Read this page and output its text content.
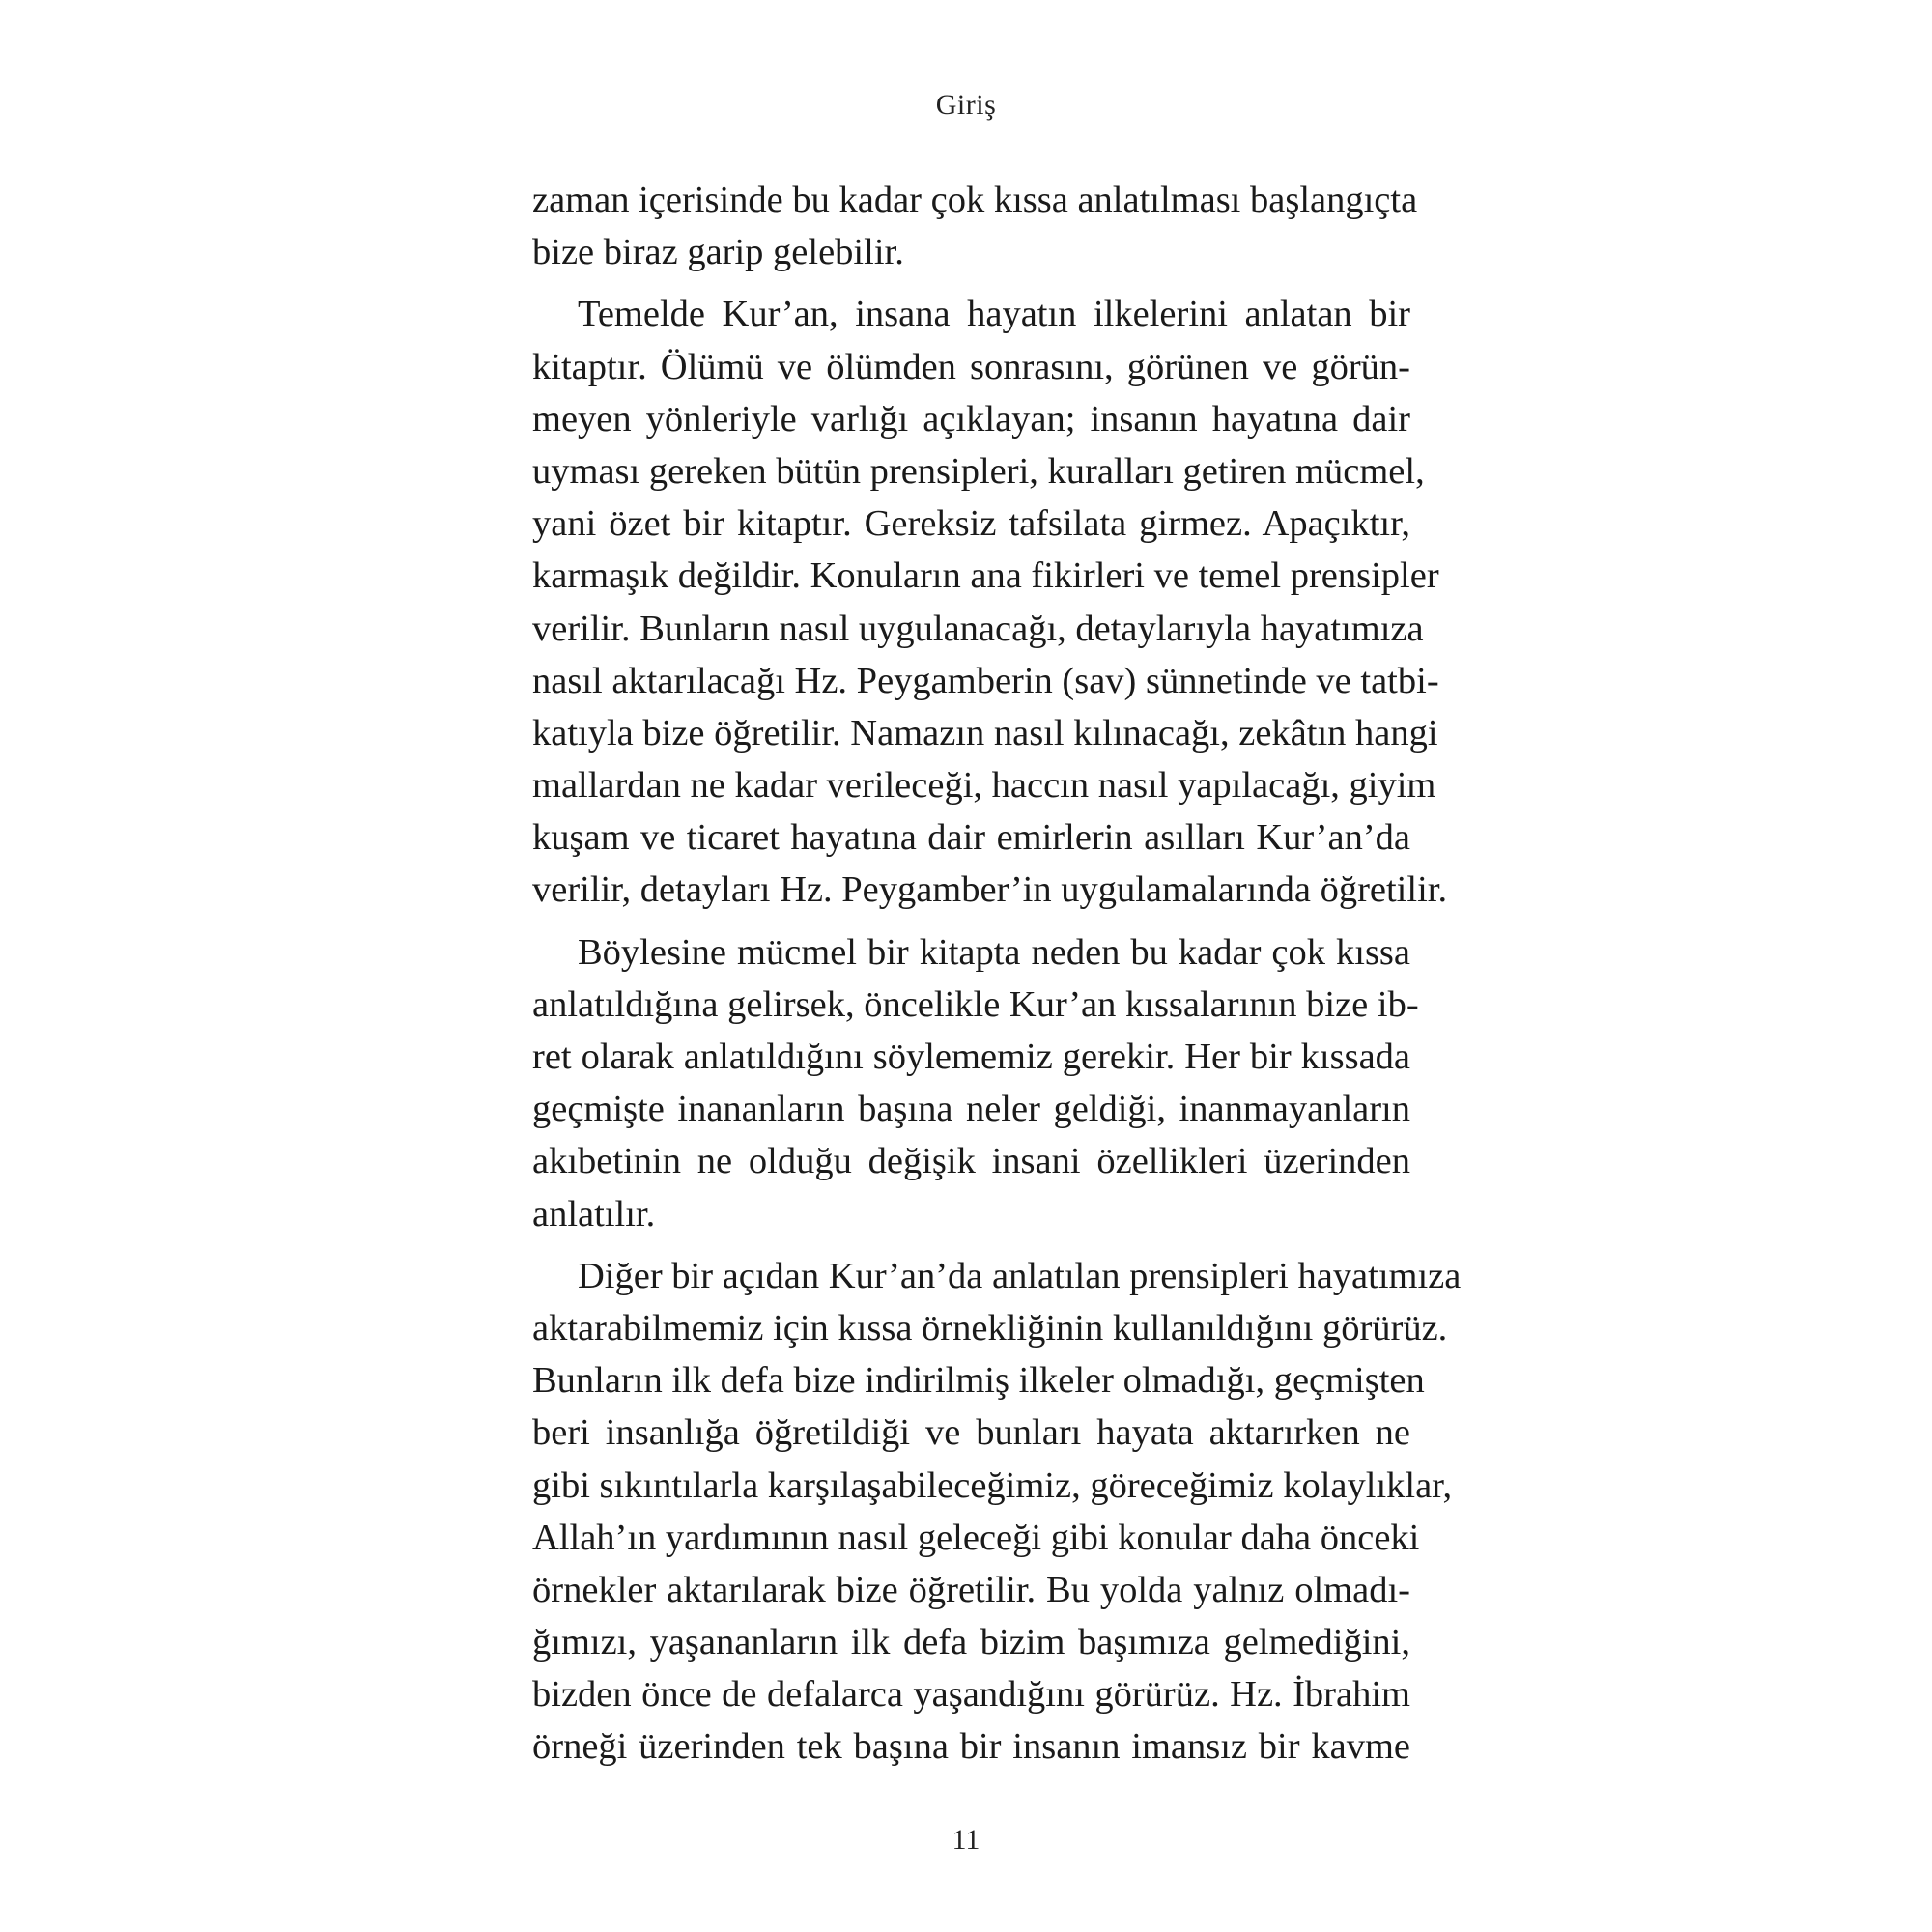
Giriş
zaman içerisinde bu kadar çok kıssa anlatılması başlangıçta
bize biraz garip gelebilir.
Temelde Kur’an, insana hayatın ilkelerini anlatan bir
kitaptır. Ölümü ve ölümden sonrasını, görünen ve görün-
meyen yönleriyle varlığı açıklayan; insanın hayatına dair
uyması gereken bütün prensipleri, kuralları getiren mücmel,
yani özet bir kitaptır. Gereksiz tafsilata girmez. Apaçıktır,
karmaşık değildir. Konuların ana fikirleri ve temel prensipler
verilir. Bunların nasıl uygulanacağı, detaylarıyla hayatımıza
nasıl aktarılacağı Hz. Peygamberin (sav) sünnetinde ve tatbi-
katıyla bize öğretilir. Namazın nasıl kılınacağı, zekâtın hangi
mallardan ne kadar verileceği, haccın nasıl yapılacağı, giyim
kuşam ve ticaret hayatına dair emirlerin asılları Kur’an’da
verilir, detayları Hz. Peygamber’in uygulamalarında öğretilir.
Böylesine mücmel bir kitapta neden bu kadar çok kıssa
anlatıldığına gelirsek, öncelikle Kur’an kıssalarının bize ib-
ret olarak anlatıldığını söylememiz gerekir. Her bir kıssada
geçmişte inananların başına neler geldiği, inanmayanların
akıbetinin ne olduğu değişik insani özellikleri üzerinden
anlatılır.
Diğer bir açıdan Kur’an’da anlatılan prensipleri hayatımıza
aktarabilmemiz için kıssa örnekliğinin kullanıldığını görürüz.
Bunların ilk defa bize indirilmiş ilkeler olmadığı, geçmişten
beri insanlığa öğretildiği ve bunları hayata aktarırken ne
gibi sıkıntılarla karşılaşabileceğimiz, göreceğimiz kolaylıklar,
Allah’ın yardımının nasıl geleceği gibi konular daha önceki
örnekler aktarılarak bize öğretilir. Bu yolda yalnız olmadı-
ğımızı, yaşananların ilk defa bizim başımıza gelmediğini,
bizden önce de defalarca yaşandığını görürüz. Hz. İbrahim
örneği üzerinden tek başına bir insanın imansız bir kavme
11
